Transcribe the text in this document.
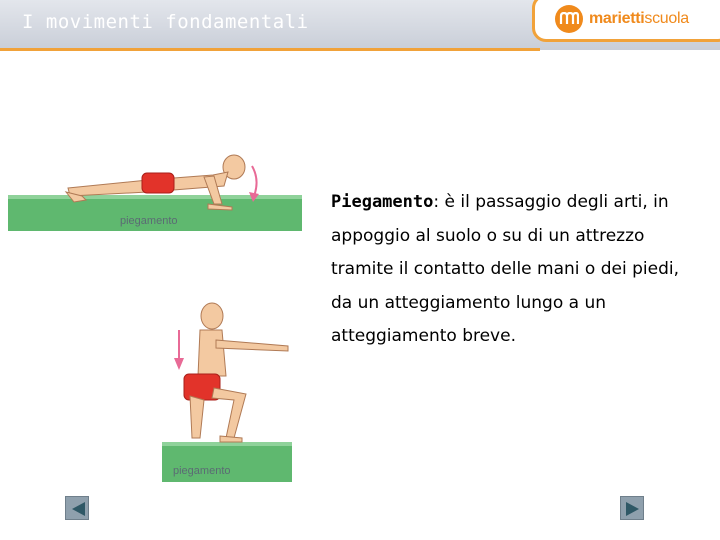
I movimenti fondamentali	mariettiscuola
piegamento
piegamento
Piegamento: è il passaggio degli arti, in appoggio al suolo o su di un attrezzo tramite il contatto delle mani o dei piedi, da un atteggiamento lungo a un atteggiamento breve.
